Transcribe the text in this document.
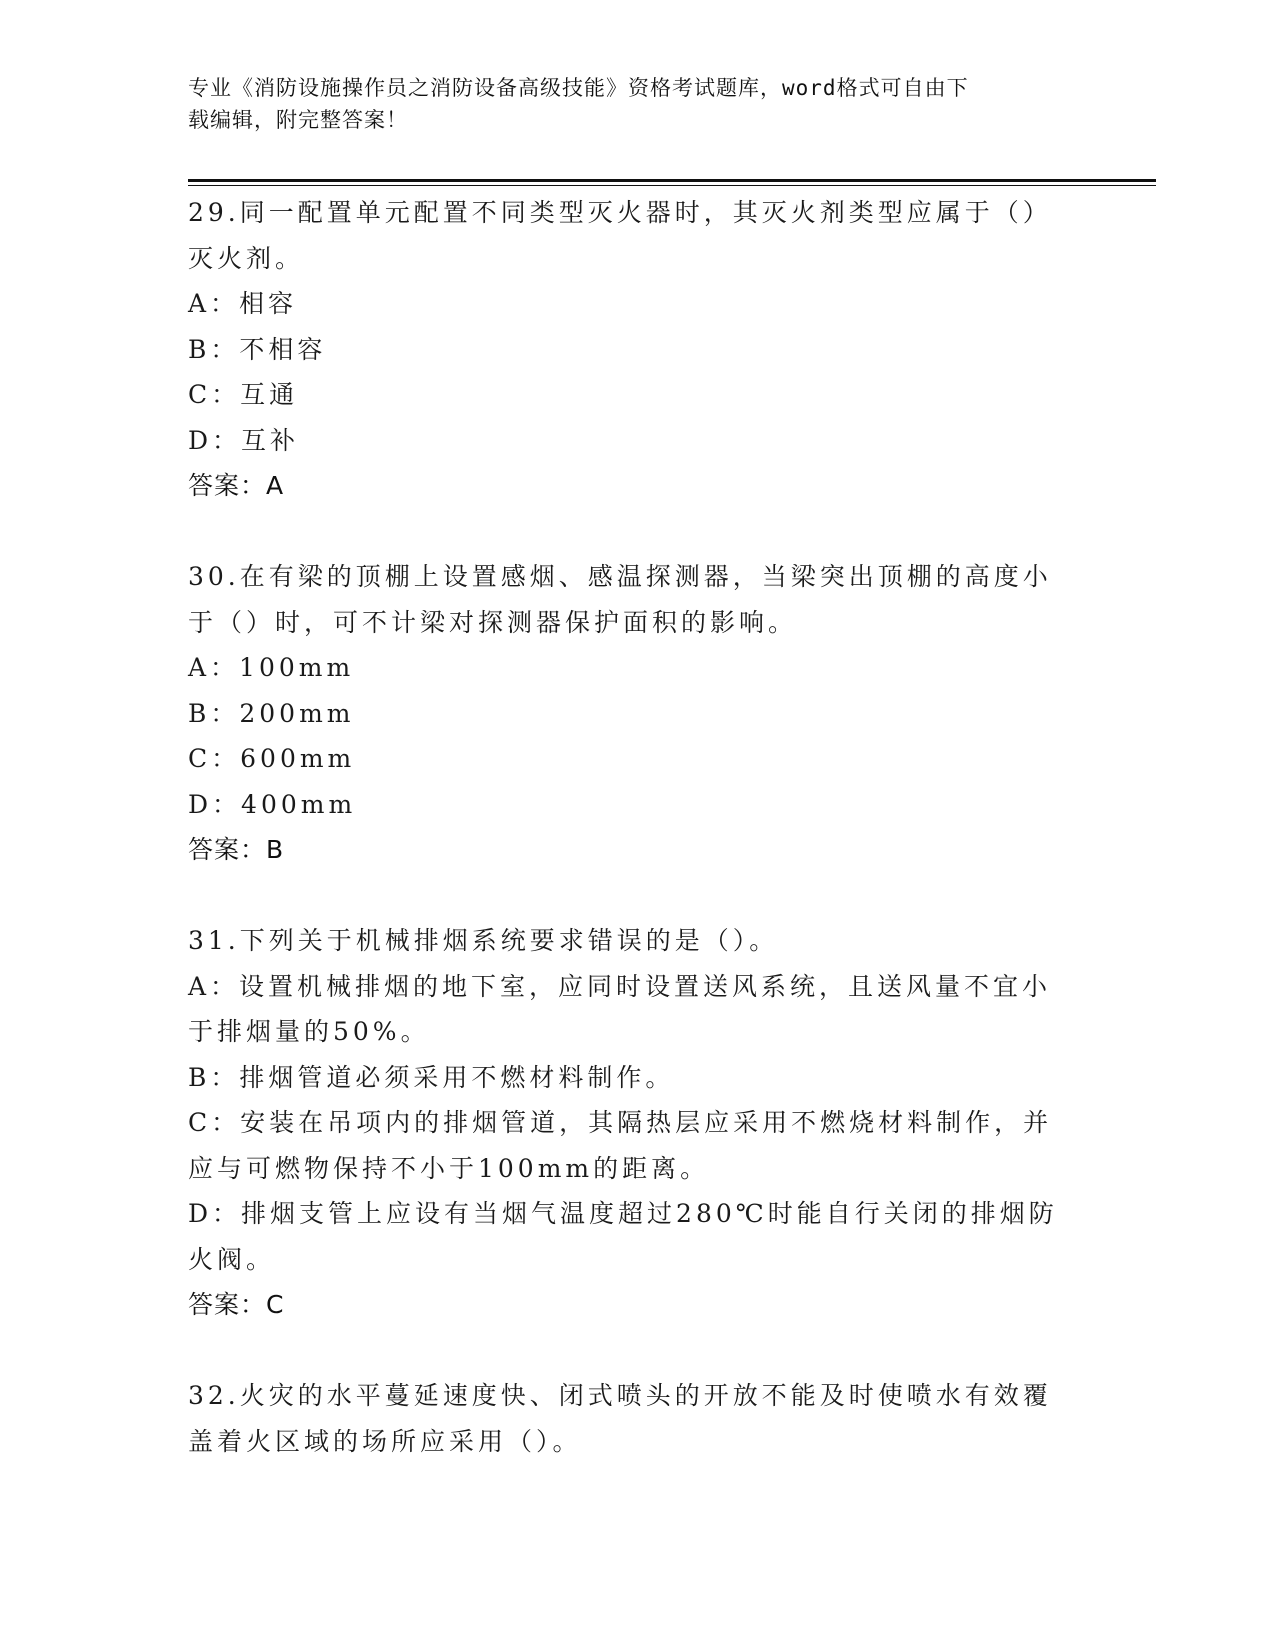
专业《消防设施操作员之消防设备高级技能》资格考试题库，word格式可自由下
载编辑，附完整答案！

29.同一配置单元配置不同类型灭火器时，其灭火剂类型应属于（）灭火剂。

A：相容

B：不相容

C：互通

D：互补

答案：A

30.在有梁的顶棚上设置感烟、感温探测器，当梁突出顶棚的高度小于（）时，可不计梁对探测器保护面积的影响。

A：100mm

B：200mm

C：600mm

D：400mm

答案：B

31.下列关于机械排烟系统要求错误的是（）。

A：设置机械排烟的地下室，应同时设置送风系统，且送风量不宜小于排烟量的50%。

B：排烟管道必须采用不燃材料制作。

C：安装在吊项内的排烟管道，其隔热层应采用不燃烧材料制作，并应与可燃物保持不小于100mm的距离。

D：排烟支管上应设有当烟气温度超过280℃时能自行关闭的排烟防火阀。

答案：C

32.火灾的水平蔓延速度快、闭式喷头的开放不能及时使喷水有效覆盖着火区域的场所应采用（）。
